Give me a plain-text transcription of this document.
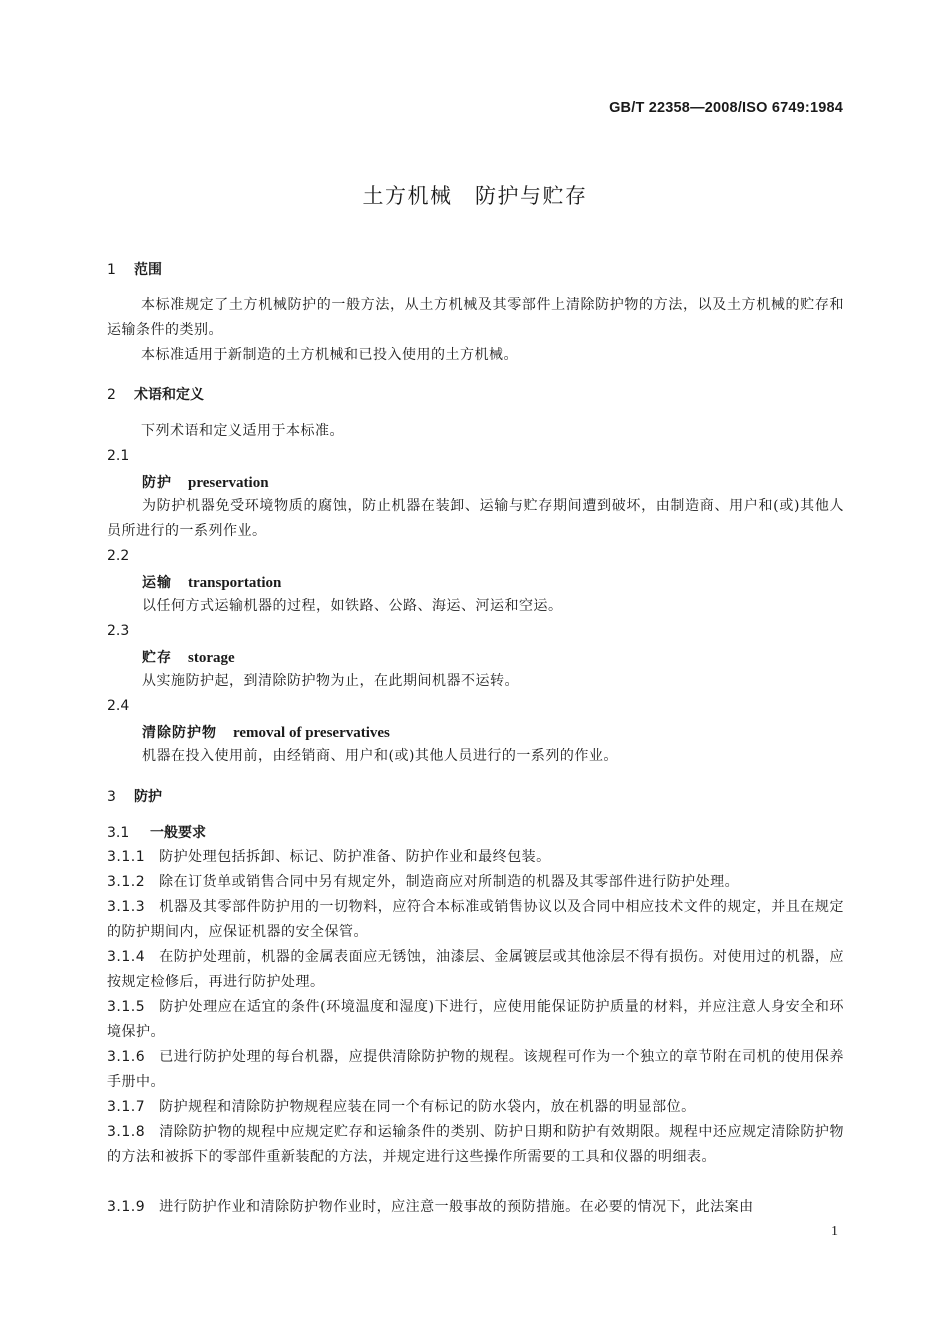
GB/T 22358—2008/ISO 6749:1984
土方机械　防护与贮存
1 范围
本标准规定了土方机械防护的一般方法，从土方机械及其零部件上清除防护物的方法，以及土方机械的贮存和运输条件的类别。
本标准适用于新制造的土方机械和已投入使用的土方机械。
2 术语和定义
下列术语和定义适用于本标准。
2.1
防护 preservation
为防护机器免受环境物质的腐蚀，防止机器在装卸、运输与贮存期间遭到破坏，由制造商、用户和(或)其他人员所进行的一系列作业。
2.2
运输 transportation
以任何方式运输机器的过程，如铁路、公路、海运、河运和空运。
2.3
贮存 storage
从实施防护起，到清除防护物为止，在此期间机器不运转。
2.4
清除防护物 removal of preservatives
机器在投入使用前，由经销商、用户和(或)其他人员进行的一系列的作业。
3 防护
3.1 一般要求
3.1.1 防护处理包括拆卸、标记、防护准备、防护作业和最终包装。
3.1.2 除在订货单或销售合同中另有规定外，制造商应对所制造的机器及其零部件进行防护处理。
3.1.3 机器及其零部件防护用的一切物料，应符合本标准或销售协议以及合同中相应技术文件的规定，并且在规定的防护期间内，应保证机器的安全保管。
3.1.4 在防护处理前，机器的金属表面应无锈蚀，油漆层、金属镀层或其他涂层不得有损伤。对使用过的机器，应按规定检修后，再进行防护处理。
3.1.5 防护处理应在适宜的条件(环境温度和湿度)下进行，应使用能保证防护质量的材料，并应注意人身安全和环境保护。
3.1.6 已进行防护处理的每台机器，应提供清除防护物的规程。该规程可作为一个独立的章节附在司机的使用保养手册中。
3.1.7 防护规程和清除防护物规程应装在同一个有标记的防水袋内，放在机器的明显部位。
3.1.8 清除防护物的规程中应规定贮存和运输条件的类别、防护日期和防护有效期限。规程中还应规定清除防护物的方法和被拆下的零部件重新装配的方法，并规定进行这些操作所需要的工具和仪器的明细表。
3.1.9 进行防护作业和清除防护物作业时，应注意一般事故的预防措施。在必要的情况下，此法案由
1
